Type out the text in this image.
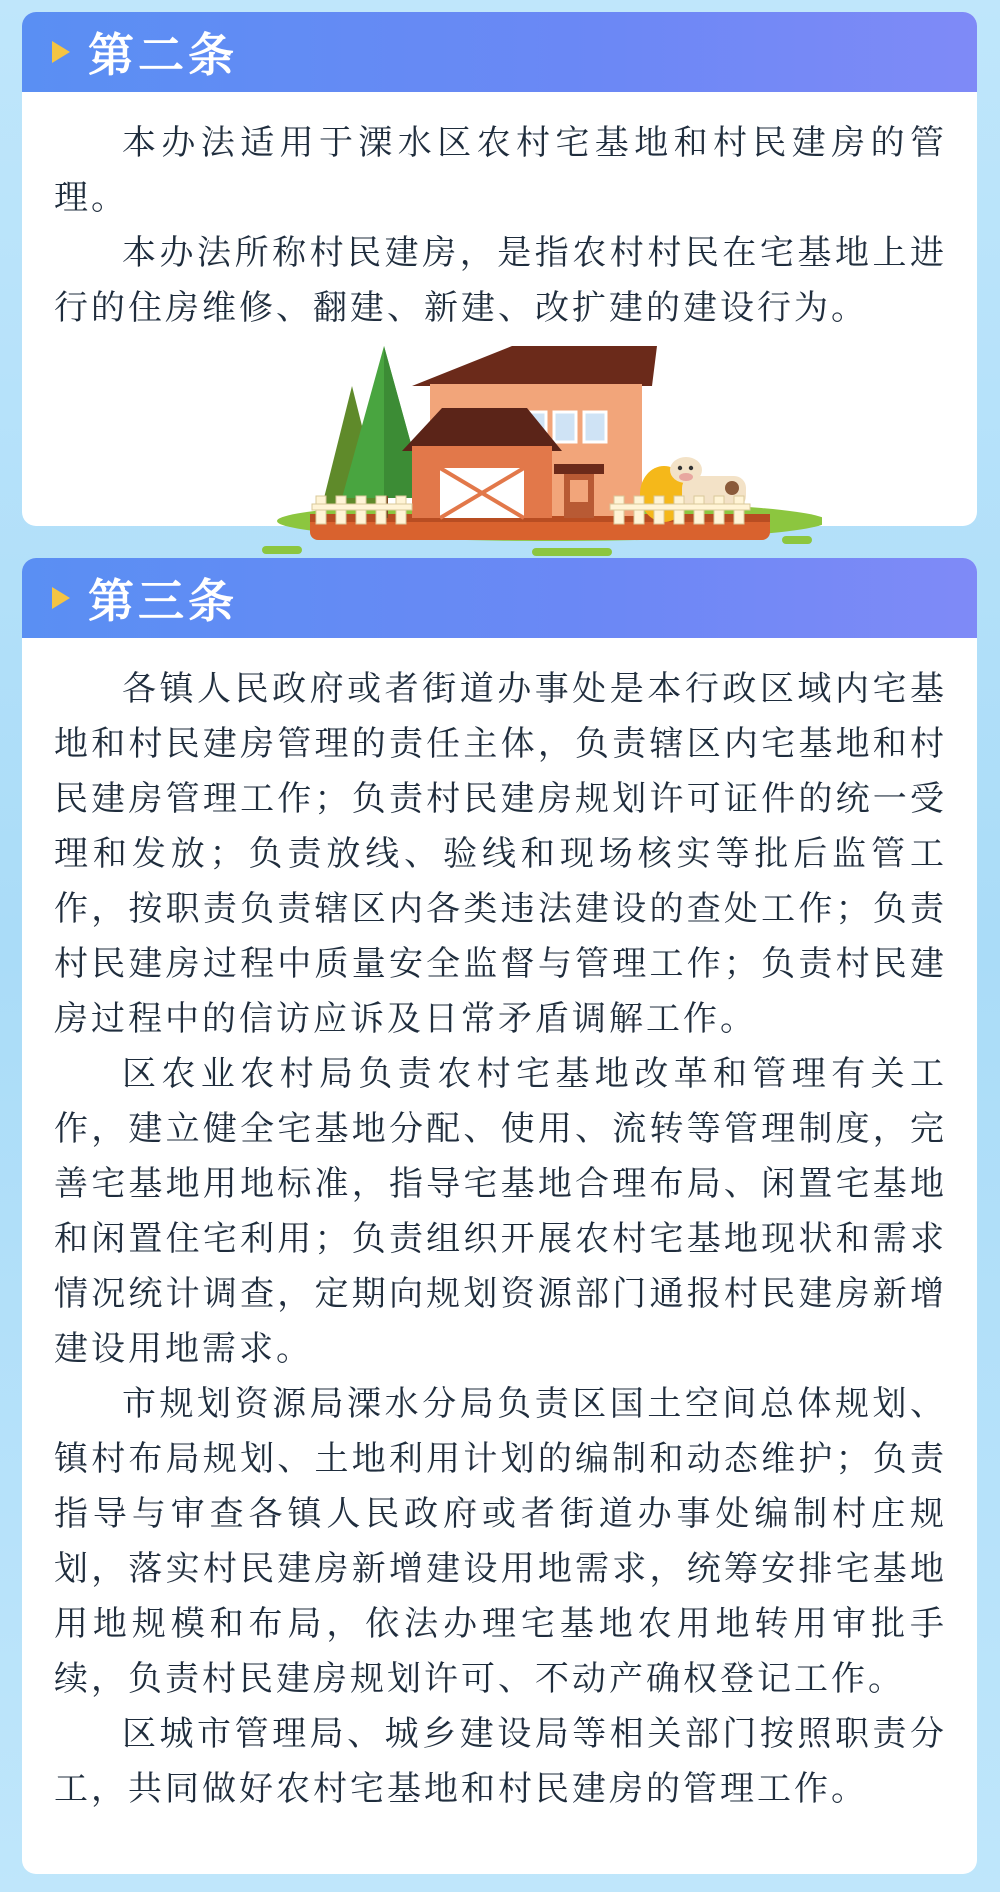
第二条

本办法适用于溧水区农村宅基地和村民建房的管理。

本办法所称村民建房，是指农村村民在宅基地上进行的住房维修、翻建、新建、改扩建的建设行为。

第三条

各镇人民政府或者街道办事处是本行政区域内宅基地和村民建房管理的责任主体，负责辖区内宅基地和村民建房管理工作；负责村民建房规划许可证件的统一受理和发放；负责放线、验线和现场核实等批后监管工作，按职责负责辖区内各类违法建设的查处工作；负责村民建房过程中质量安全监督与管理工作；负责村民建房过程中的信访应诉及日常矛盾调解工作。

区农业农村局负责农村宅基地改革和管理有关工作，建立健全宅基地分配、使用、流转等管理制度，完善宅基地用地标准，指导宅基地合理布局、闲置宅基地和闲置住宅利用；负责组织开展农村宅基地现状和需求情况统计调查，定期向规划资源部门通报村民建房新增建设用地需求。

市规划资源局溧水分局负责区国土空间总体规划、镇村布局规划、土地利用计划的编制和动态维护；负责指导与审查各镇人民政府或者街道办事处编制村庄规划，落实村民建房新增建设用地需求，统筹安排宅基地用地规模和布局，依法办理宅基地农用地转用审批手续，负责村民建房规划许可、不动产确权登记工作。

区城市管理局、城乡建设局等相关部门按照职责分工，共同做好农村宅基地和村民建房的管理工作。
